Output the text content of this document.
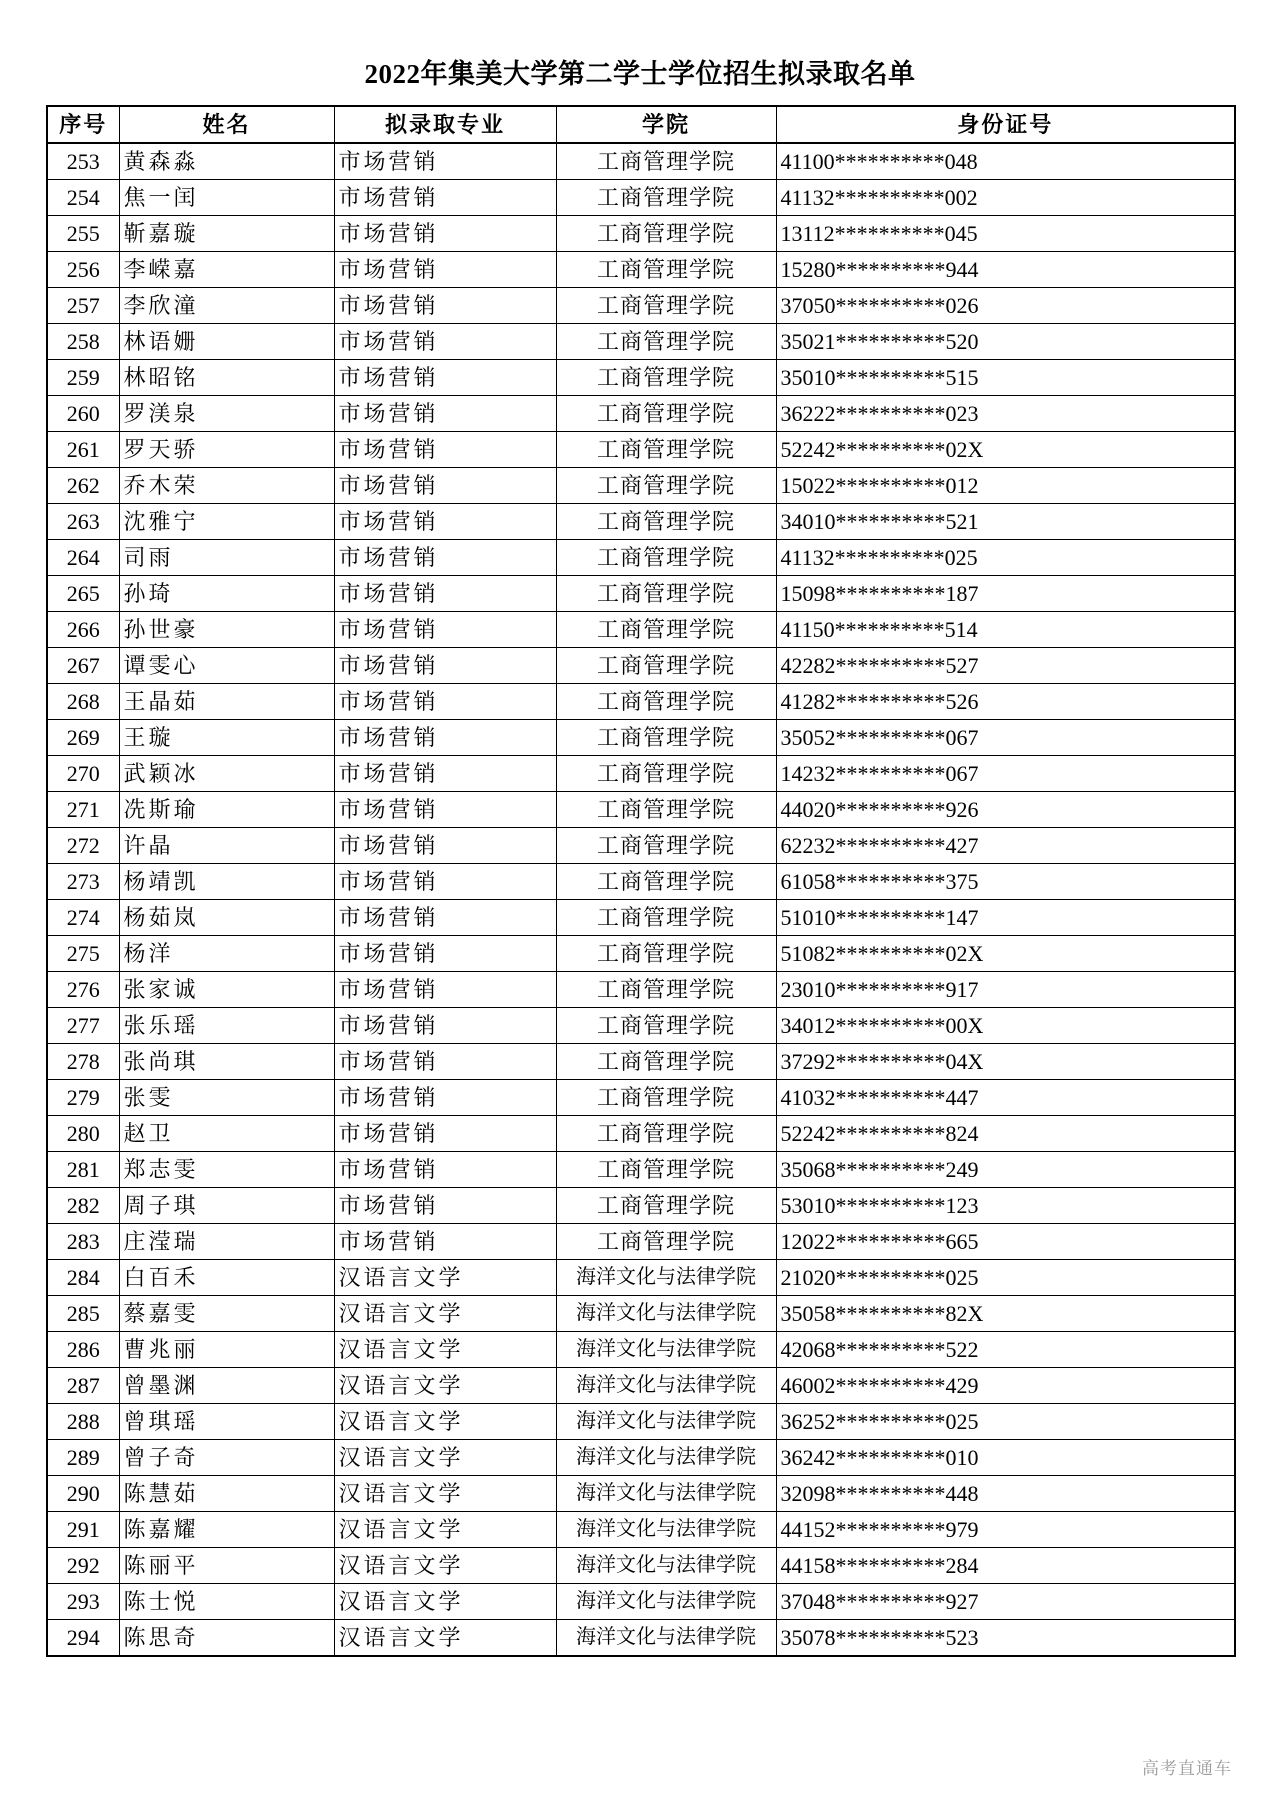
2022年集美大学第二学士学位招生拟录取名单
序号	姓名	拟录取专业	学院	身份证号
253	黄森淼	市场营销	工商管理学院	41100**********048
254	焦一闰	市场营销	工商管理学院	41132**********002
255	靳嘉璇	市场营销	工商管理学院	13112**********045
256	李嵘嘉	市场营销	工商管理学院	15280**********944
257	李欣潼	市场营销	工商管理学院	37050**********026
258	林语姗	市场营销	工商管理学院	35021**********520
259	林昭铭	市场营销	工商管理学院	35010**********515
260	罗渼泉	市场营销	工商管理学院	36222**********023
261	罗天骄	市场营销	工商管理学院	52242**********02X
262	乔木荣	市场营销	工商管理学院	15022**********012
263	沈雅宁	市场营销	工商管理学院	34010**********521
264	司雨	市场营销	工商管理学院	41132**********025
265	孙琦	市场营销	工商管理学院	15098**********187
266	孙世豪	市场营销	工商管理学院	41150**********514
267	谭雯心	市场营销	工商管理学院	42282**********527
268	王晶茹	市场营销	工商管理学院	41282**********526
269	王璇	市场营销	工商管理学院	35052**********067
270	武颖冰	市场营销	工商管理学院	14232**********067
271	冼斯瑜	市场营销	工商管理学院	44020**********926
272	许晶	市场营销	工商管理学院	62232**********427
273	杨靖凯	市场营销	工商管理学院	61058**********375
274	杨茹岚	市场营销	工商管理学院	51010**********147
275	杨洋	市场营销	工商管理学院	51082**********02X
276	张家诚	市场营销	工商管理学院	23010**********917
277	张乐瑶	市场营销	工商管理学院	34012**********00X
278	张尚琪	市场营销	工商管理学院	37292**********04X
279	张雯	市场营销	工商管理学院	41032**********447
280	赵卫	市场营销	工商管理学院	52242**********824
281	郑志雯	市场营销	工商管理学院	35068**********249
282	周子琪	市场营销	工商管理学院	53010**********123
283	庄滢瑞	市场营销	工商管理学院	12022**********665
284	白百禾	汉语言文学	海洋文化与法律学院	21020**********025
285	蔡嘉雯	汉语言文学	海洋文化与法律学院	35058**********82X
286	曹兆丽	汉语言文学	海洋文化与法律学院	42068**********522
287	曾墨渊	汉语言文学	海洋文化与法律学院	46002**********429
288	曾琪瑶	汉语言文学	海洋文化与法律学院	36252**********025
289	曾子奇	汉语言文学	海洋文化与法律学院	36242**********010
290	陈慧茹	汉语言文学	海洋文化与法律学院	32098**********448
291	陈嘉耀	汉语言文学	海洋文化与法律学院	44152**********979
292	陈丽平	汉语言文学	海洋文化与法律学院	44158**********284
293	陈士悦	汉语言文学	海洋文化与法律学院	37048**********927
294	陈思奇	汉语言文学	海洋文化与法律学院	35078**********523
高考直通车
